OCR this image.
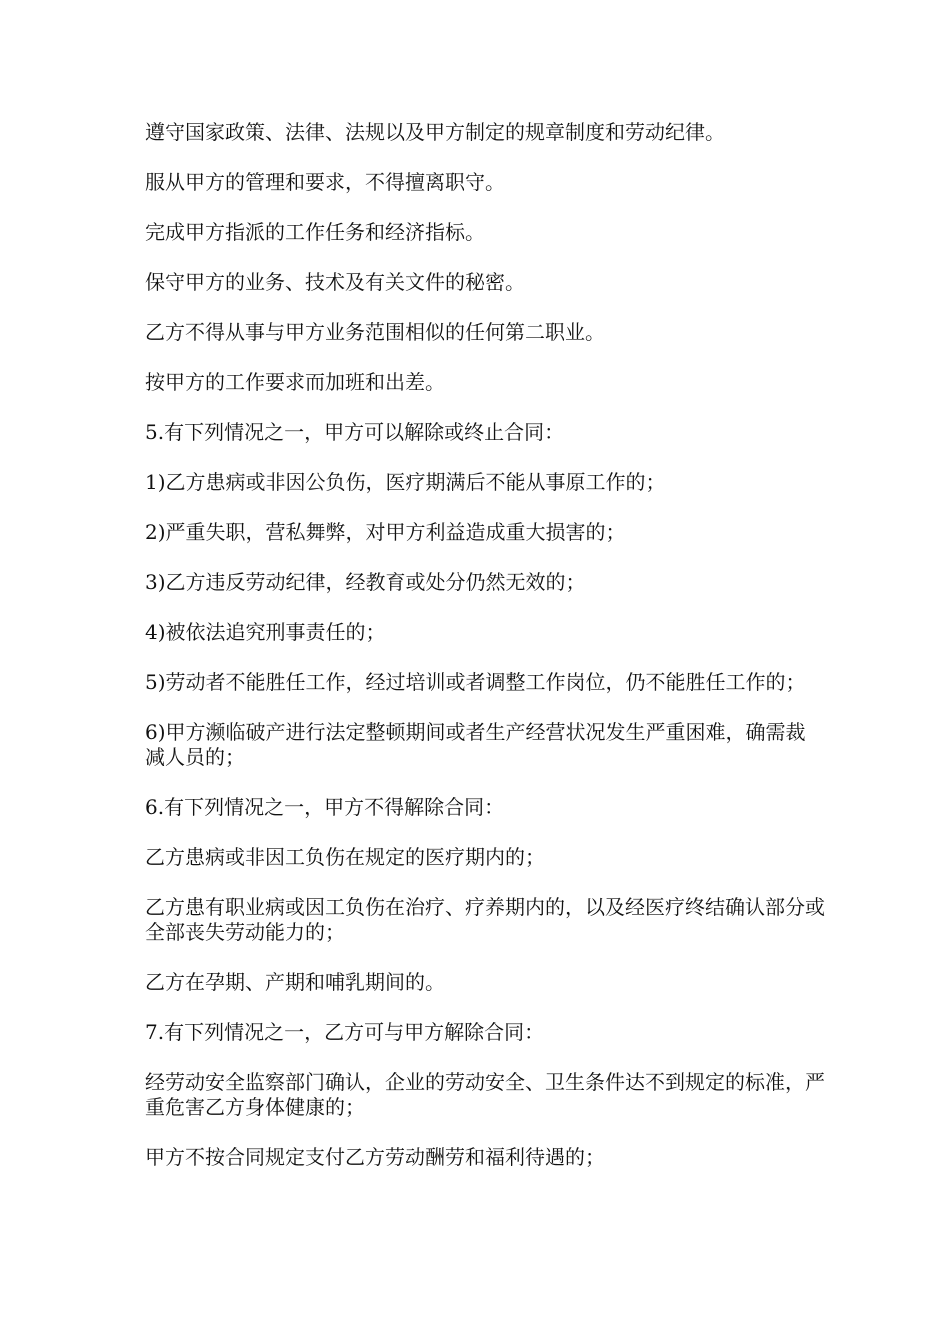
遵守国家政策、法律、法规以及甲方制定的规章制度和劳动纪律。

服从甲方的管理和要求，不得擅离职守。

完成甲方指派的工作任务和经济指标。

保守甲方的业务、技术及有关文件的秘密。

乙方不得从事与甲方业务范围相似的任何第二职业。

按甲方的工作要求而加班和出差。

5.有下列情况之一，甲方可以解除或终止合同：

1)乙方患病或非因公负伤，医疗期满后不能从事原工作的；

2)严重失职，营私舞弊，对甲方利益造成重大损害的；

3)乙方违反劳动纪律，经教育或处分仍然无效的；

4)被依法追究刑事责任的；

5)劳动者不能胜任工作，经过培训或者调整工作岗位，仍不能胜任工作的；

6)甲方濒临破产进行法定整顿期间或者生产经营状况发生严重困难，确需裁减人员的；

6.有下列情况之一，甲方不得解除合同：

乙方患病或非因工负伤在规定的医疗期内的；

乙方患有职业病或因工负伤在治疗、疗养期内的，以及经医疗终结确认部分或全部丧失劳动能力的；

乙方在孕期、产期和哺乳期间的。

7.有下列情况之一，乙方可与甲方解除合同：

经劳动安全监察部门确认，企业的劳动安全、卫生条件达不到规定的标准，严重危害乙方身体健康的；

甲方不按合同规定支付乙方劳动酬劳和福利待遇的；
